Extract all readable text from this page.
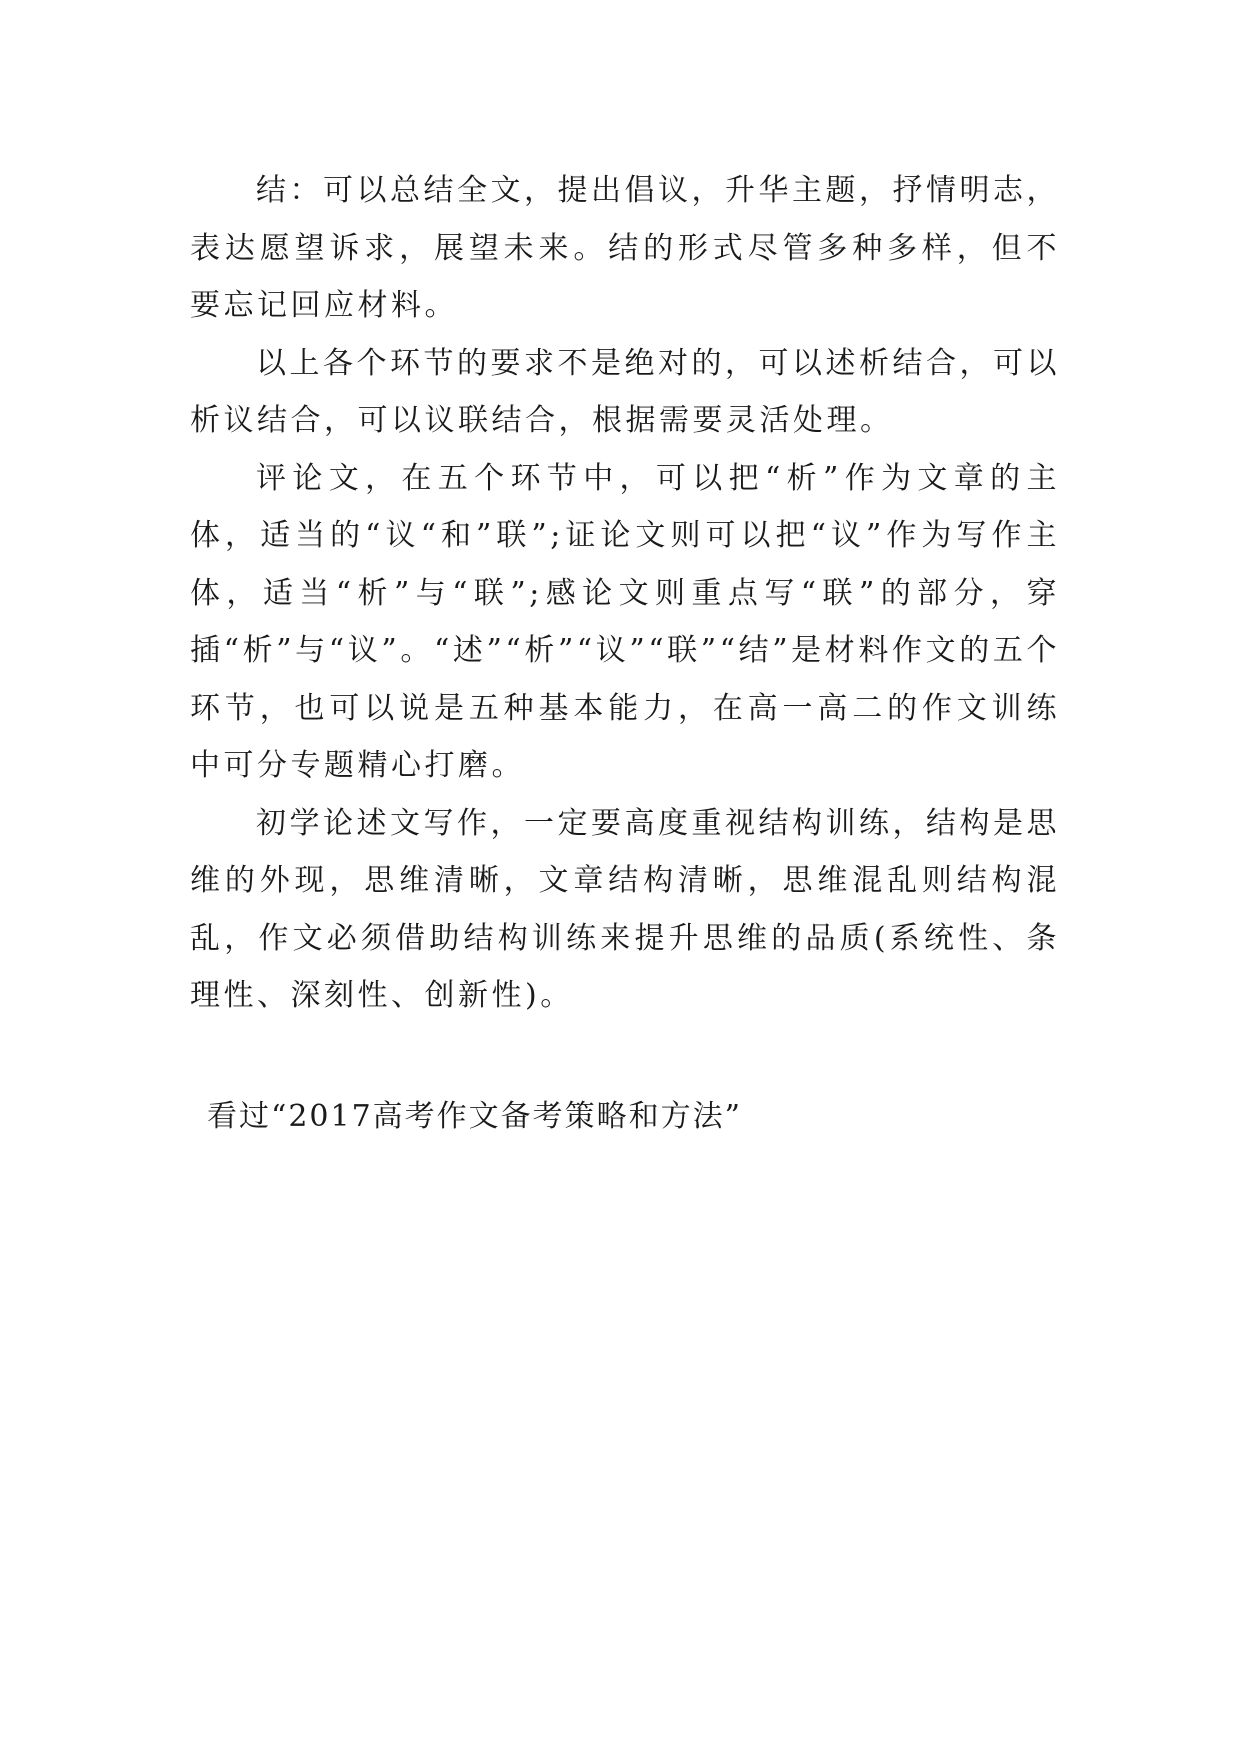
结：可以总结全文，提出倡议，升华主题，抒情明志，表达愿望诉求，展望未来。结的形式尽管多种多样，但不要忘记回应材料。

以上各个环节的要求不是绝对的，可以述析结合，可以析议结合，可以议联结合，根据需要灵活处理。

评论文，在五个环节中，可以把“析”作为文章的主体，适当的“议“和”联”;证论文则可以把“议”作为写作主体，适当“析”与“联”;感论文则重点写“联”的部分，穿插“析”与“议”。“述”“析”“议”“联”“结”是材料作文的五个环节，也可以说是五种基本能力，在高一高二的作文训练中可分专题精心打磨。

初学论述文写作，一定要高度重视结构训练，结构是思维的外现，思维清晰，文章结构清晰，思维混乱则结构混乱，作文必须借助结构训练来提升思维的品质(系统性、条理性、深刻性、创新性)。

看过“2017高考作文备考策略和方法”
